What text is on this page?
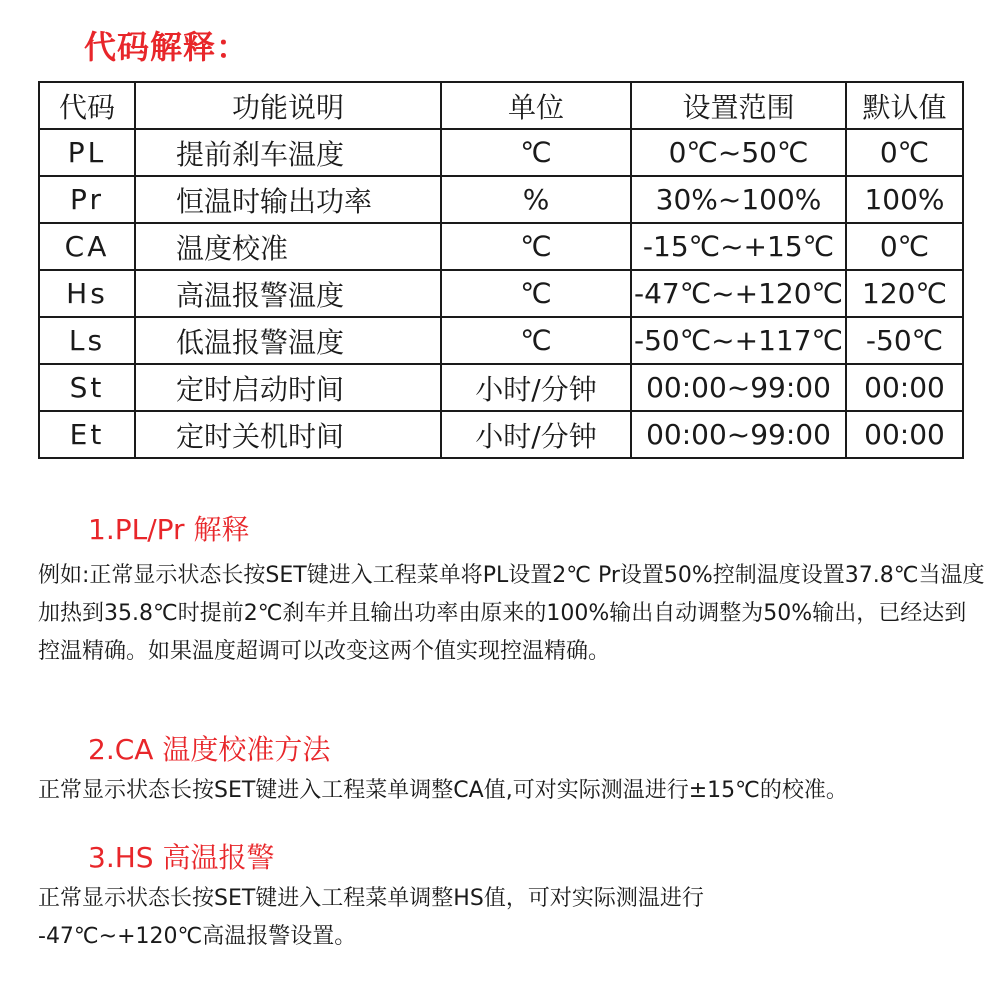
代码解释：
代码	功能说明	单位	设置范围	默认值
PL	提前刹车温度	℃	0℃~50℃	0℃
Pr	恒温时输出功率	%	30%~100%	100%
CA	温度校准	℃	-15℃~+15℃	0℃
Hs	高温报警温度	℃	-47℃~+120℃	120℃
Ls	低温报警温度	℃	-50℃~+117℃	-50℃
St	定时启动时间	小时/分钟	00:00~99:00	00:00
Et	定时关机时间	小时/分钟	00:00~99:00	00:00
1.PL/Pr 解释

例如:正常显示状态长按SET键进入工程菜单将PL设置2℃ Pr设置50%控制温度设置37.8℃当温度加热到35.8℃时提前2℃刹车并且输出功率由原来的100%输出自动调整为50%输出，已经达到控温精确。如果温度超调可以改变这两个值实现控温精确。

2.CA 温度校准方法

正常显示状态长按SET键进入工程菜单调整CA值,可对实际测温进行±15℃的校准。

3.HS 高温报警

正常显示状态长按SET键进入工程菜单调整HS值，可对实际测温进行

-47℃~+120℃高温报警设置。
